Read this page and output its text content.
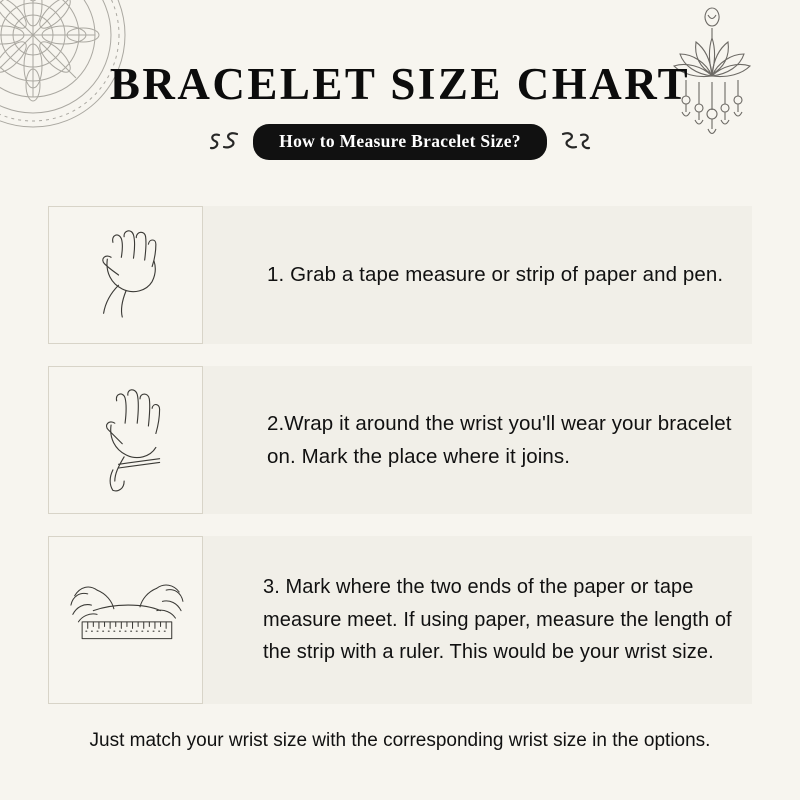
BRACELET SIZE CHART
How to Measure Bracelet Size?
1. Grab a tape measure or strip of paper and pen.
2.Wrap it around the wrist you'll wear your bracelet on. Mark the place where it joins.
3. Mark where the two ends of the paper or tape measure meet. If using paper, measure the length of the strip with a ruler. This would be your wrist size.
Just match your wrist size with the corresponding wrist size in the options.
